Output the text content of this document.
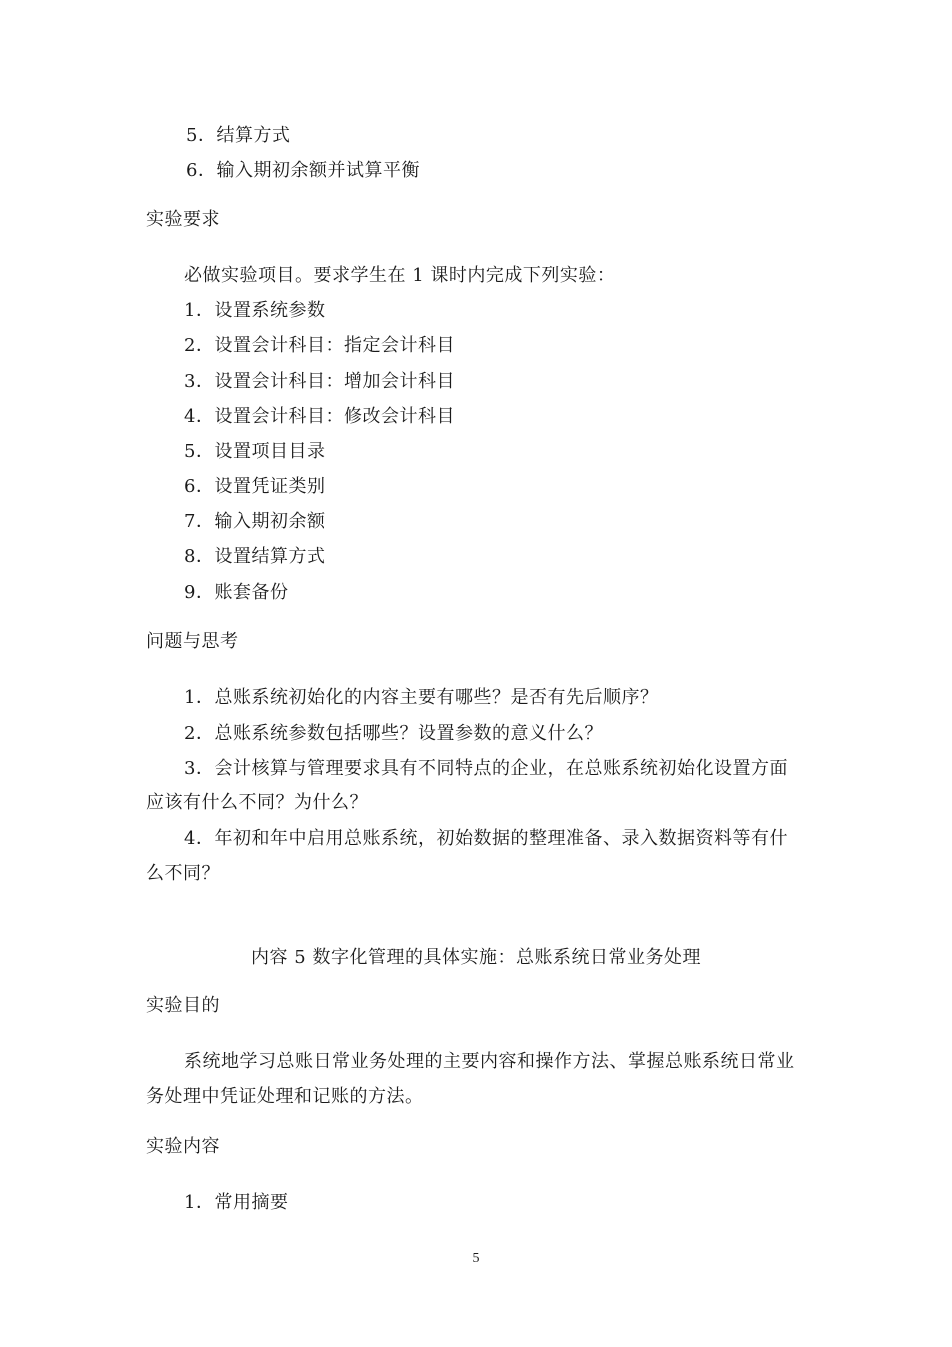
5．结算方式
6．输入期初余额并试算平衡
实验要求
必做实验项目。要求学生在 1 课时内完成下列实验：
1．设置系统参数
2．设置会计科目：指定会计科目
3．设置会计科目：增加会计科目
4．设置会计科目：修改会计科目
5．设置项目目录
6．设置凭证类别
7．输入期初余额
8．设置结算方式
9．账套备份
问题与思考
1．总账系统初始化的内容主要有哪些？是否有先后顺序？
2．总账系统参数包括哪些？设置参数的意义什么？
3．会计核算与管理要求具有不同特点的企业，在总账系统初始化设置方面
应该有什么不同？为什么？
4．年初和年中启用总账系统，初始数据的整理准备、录入数据资料等有什
么不同？
内容 5 数字化管理的具体实施：总账系统日常业务处理
实验目的
系统地学习总账日常业务处理的主要内容和操作方法、掌握总账系统日常业
务处理中凭证处理和记账的方法。
实验内容
1．常用摘要
5
